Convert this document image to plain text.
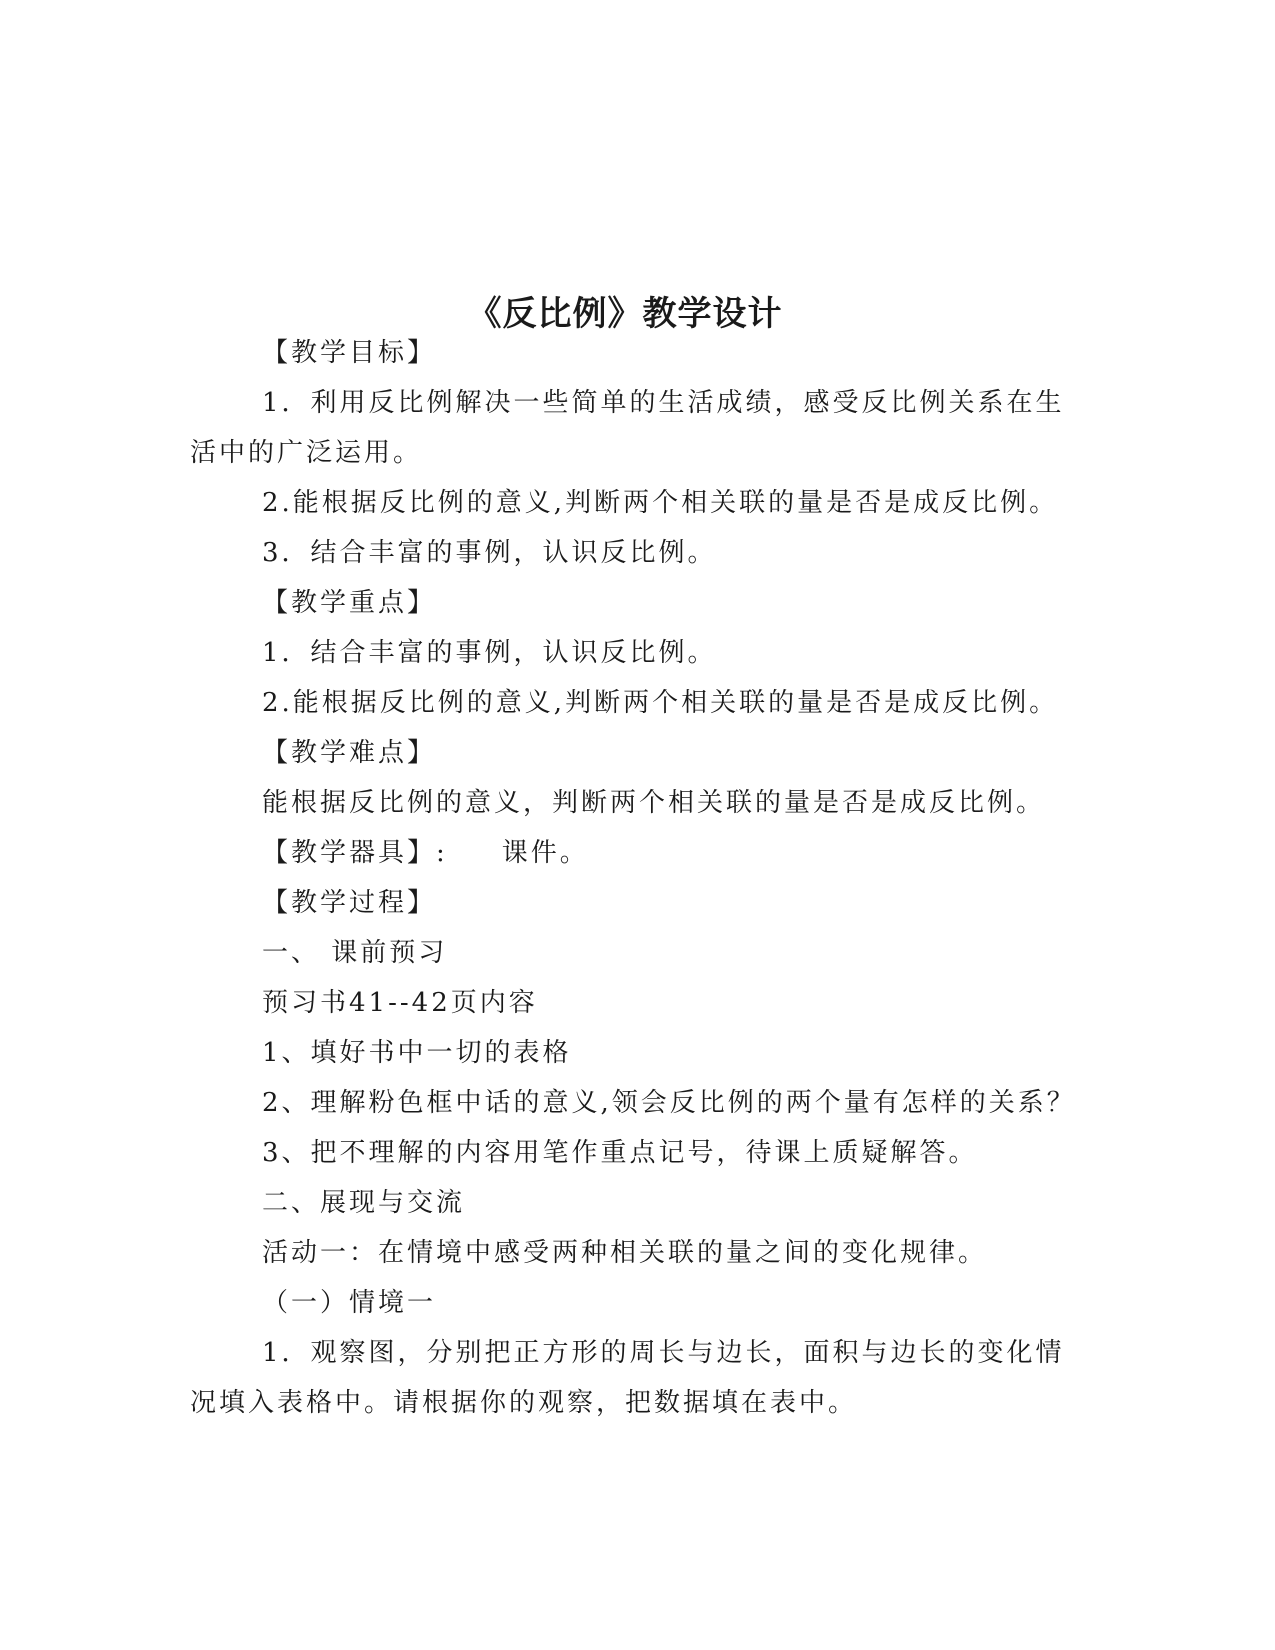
《反比例》教学设计
【教学目标】
1．利用反比例解决一些简单的生活成绩，感受反比例关系在生
活中的广泛运用。
2.能根据反比例的意义,判断两个相关联的量是否是成反比例。
3．结合丰富的事例，认识反比例。
【教学重点】
1．结合丰富的事例，认识反比例。
2.能根据反比例的意义,判断两个相关联的量是否是成反比例。
【教学难点】
能根据反比例的意义，判断两个相关联的量是否是成反比例。
【教学器具】: 课件。
【教学过程】
一、 课前预习
预习书41--42页内容
1、填好书中一切的表格
2、理解粉色框中话的意义,领会反比例的两个量有怎样的关系？
3、把不理解的内容用笔作重点记号，待课上质疑解答。
二、展现与交流
活动一：在情境中感受两种相关联的量之间的变化规律。
（一）情境一
1．观察图，分别把正方形的周长与边长，面积与边长的变化情
况填入表格中。请根据你的观察，把数据填在表中。
